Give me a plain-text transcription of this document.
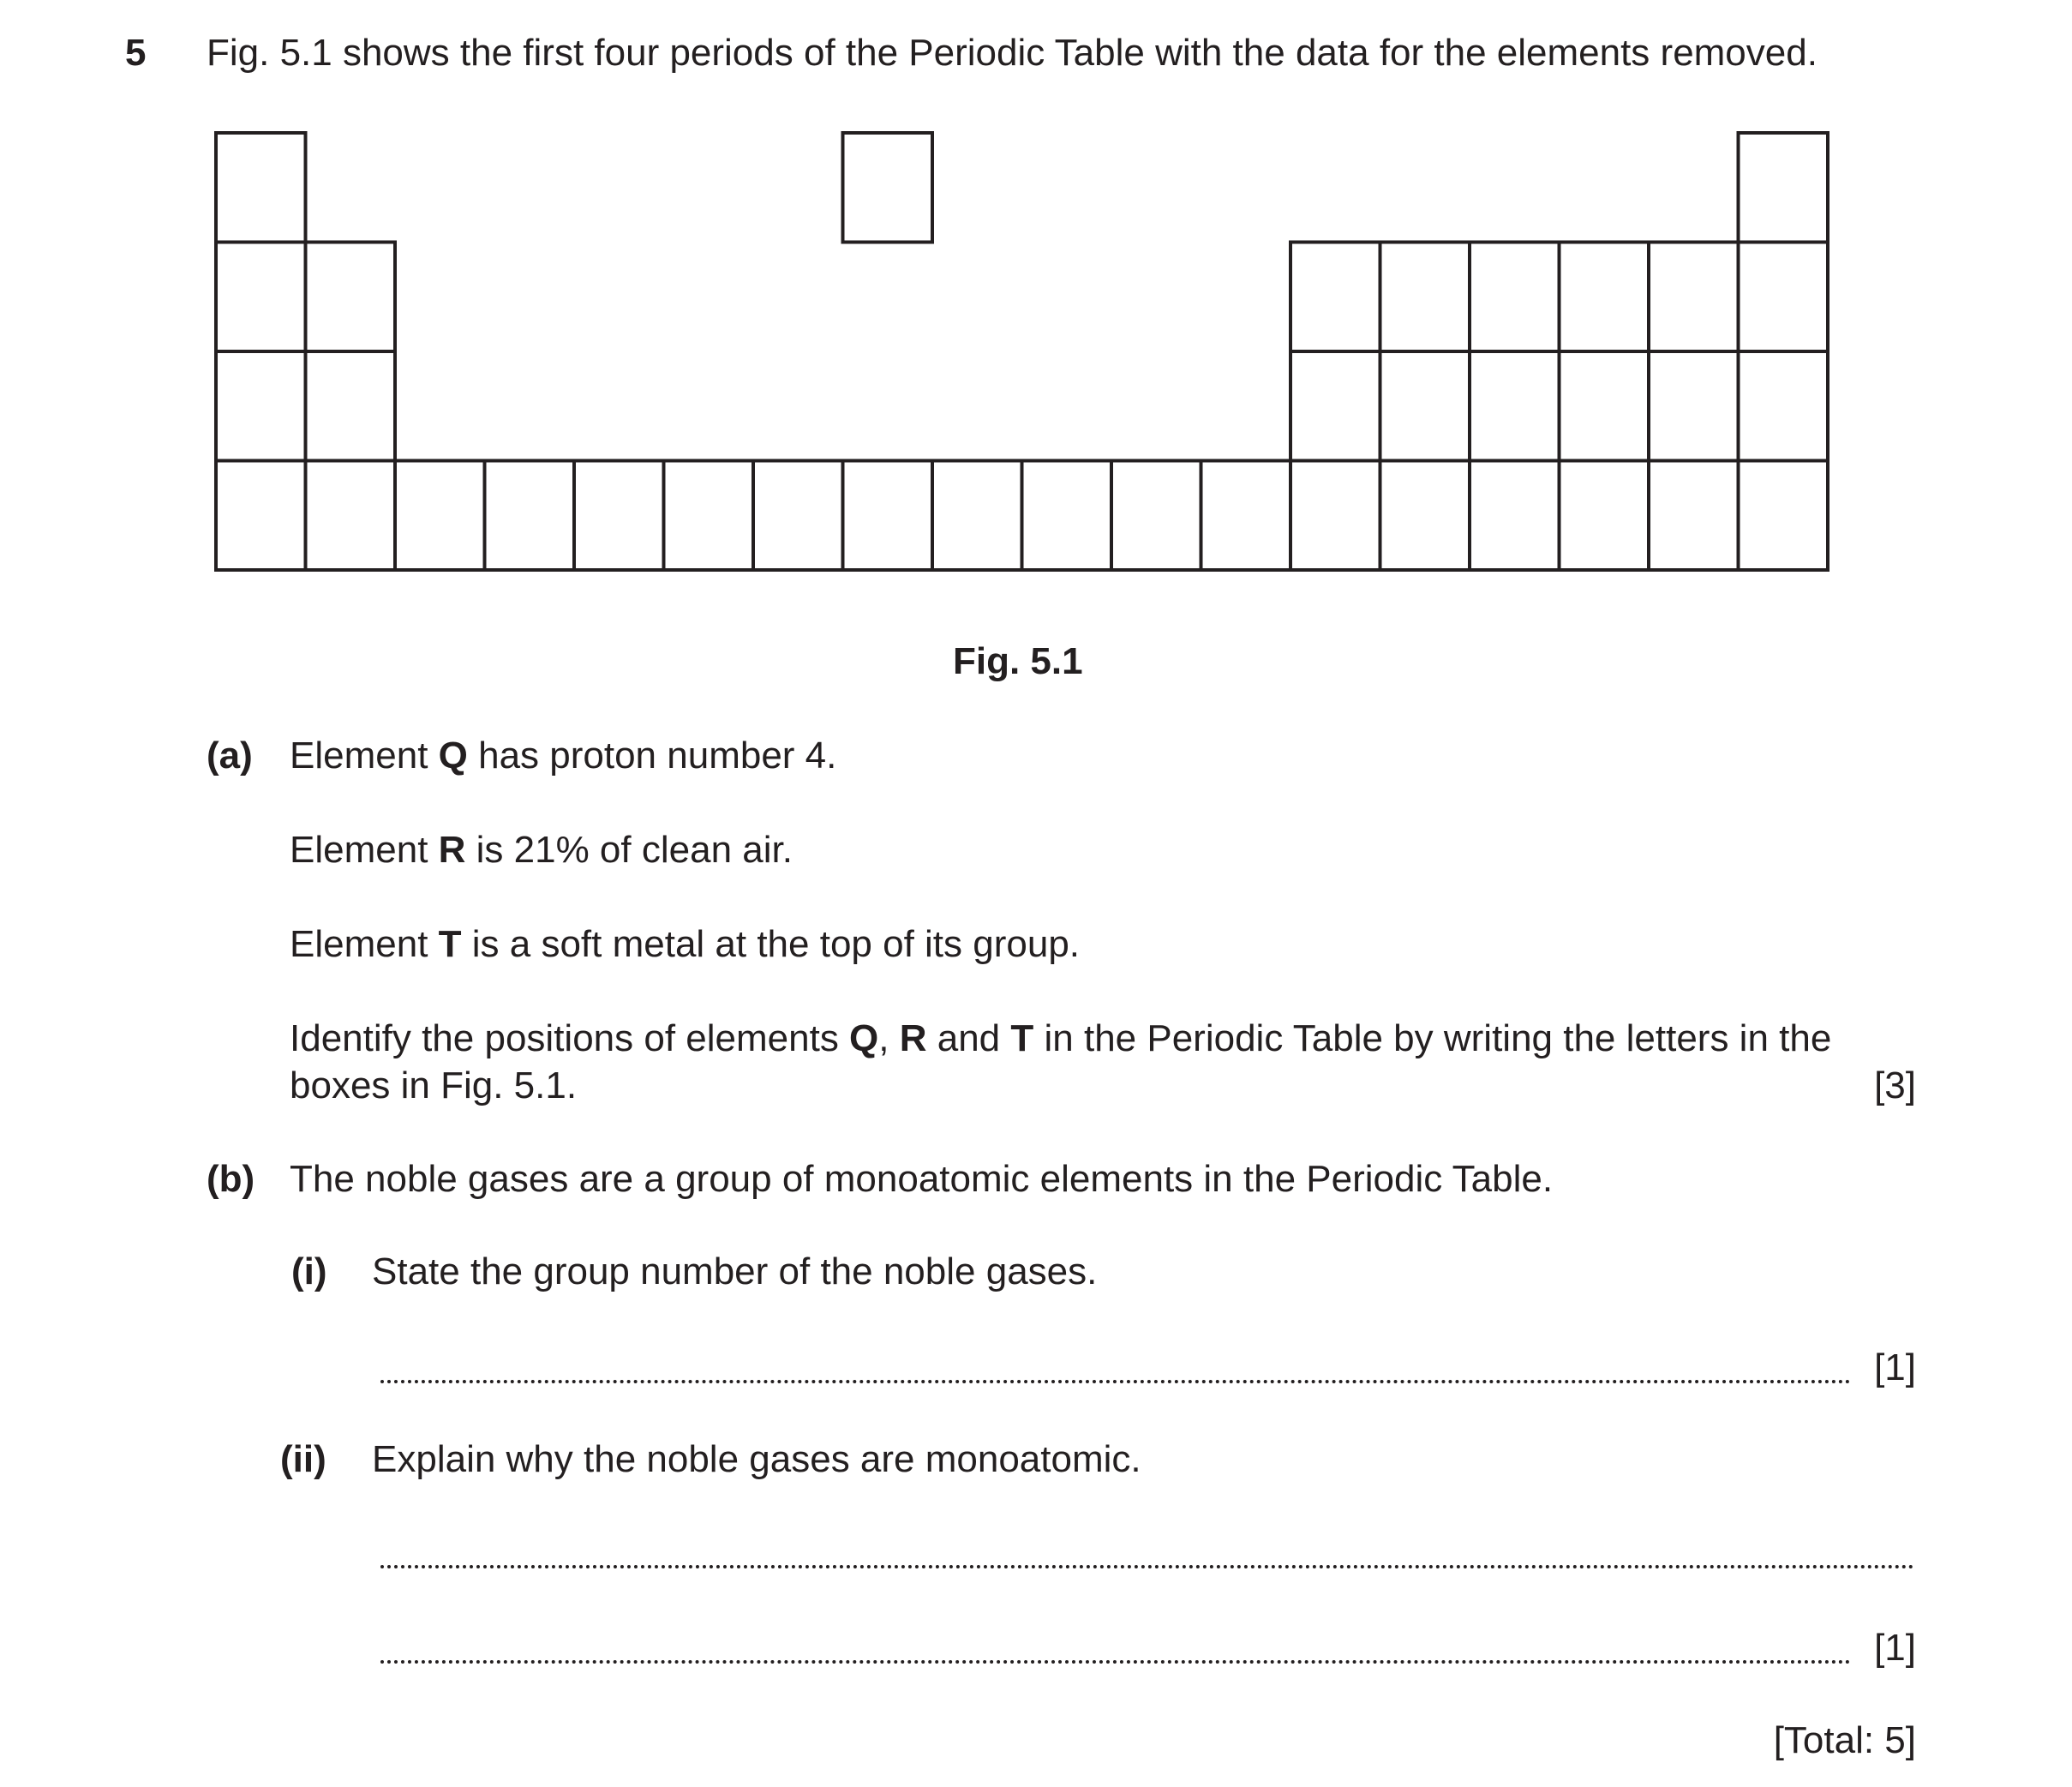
5 Fig. 5.1 shows the first four periods of the Periodic Table with the data for the elements removed.
Fig. 5.1
(a) Element Q has proton number 4.
Element R is 21% of clean air.
Element T is a soft metal at the top of its group.
Identify the positions of elements Q, R and T in the Periodic Table by writing the letters in the
boxes in Fig. 5.1.	[3]
(b) The noble gases are a group of monoatomic elements in the Periodic Table.
(i) State the group number of the noble gases.
[1]
(ii) Explain why the noble gases are monoatomic.
[1]
[Total: 5]
